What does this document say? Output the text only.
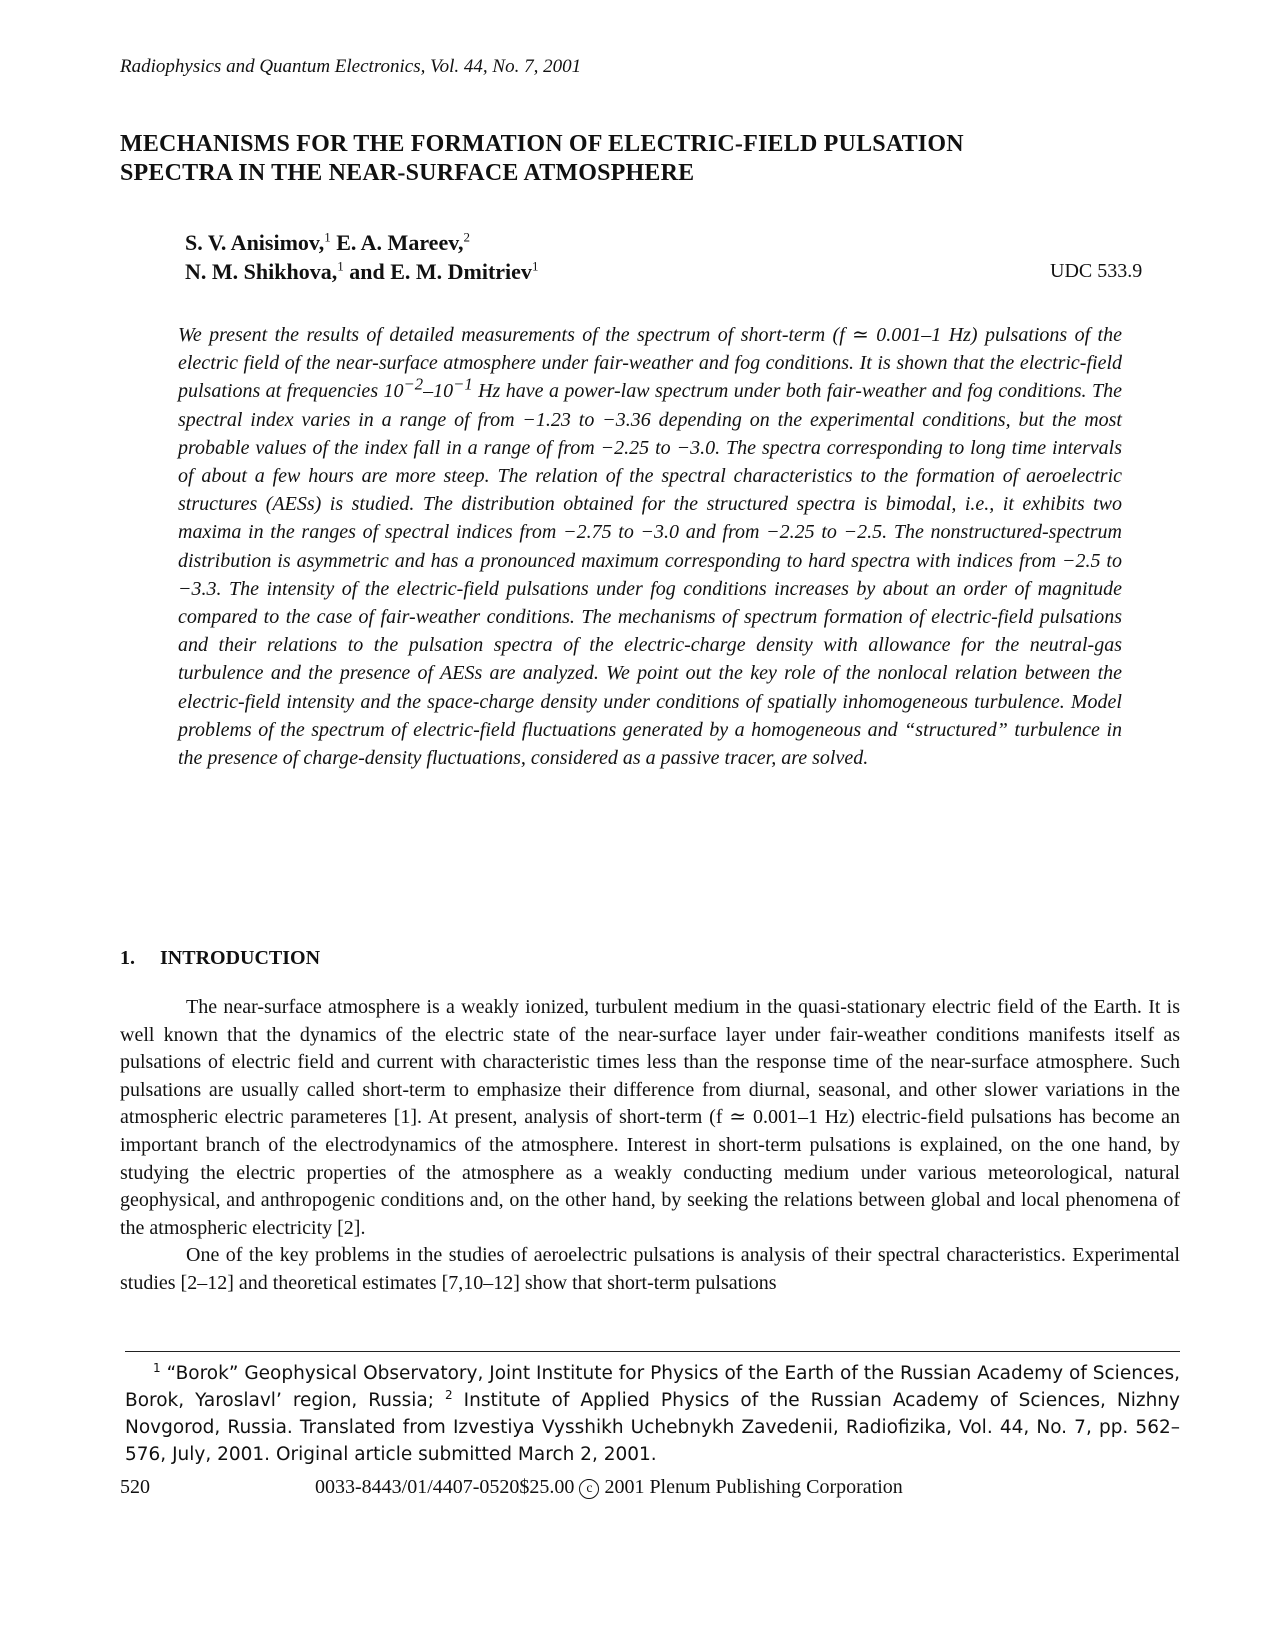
Radiophysics and Quantum Electronics, Vol. 44, No. 7, 2001
MECHANISMS FOR THE FORMATION OF ELECTRIC-FIELD PULSATION
SPECTRA IN THE NEAR-SURFACE ATMOSPHERE
S. V. Anisimov,$^1$ E. A. Mareev,$^2$
N. M. Shikhova,$^1$ and E. M. Dmitriev$^1$	UDC 533.9

We present the results of detailed measurements of the spectrum of short-term (f ≃ 0.001–1 Hz) pulsations of the electric field of the near-surface atmosphere under fair-weather and fog conditions. It is shown that the electric-field pulsations at frequencies $10^{-2}-10^{-1}$ Hz have a power-law spectrum under both fair-weather and fog conditions. The spectral index varies in a range of from −1.23 to −3.36 depending on the experimental conditions, but the most probable values of the index fall in a range of from −2.25 to −3.0. The spectra corresponding to long time intervals of about a few hours are more steep. The relation of the spectral characteristics to the formation of aeroelectric structures (AESs) is studied. The distribution obtained for the structured spectra is bimodal, i.e., it exhibits two maxima in the ranges of spectral indices from −2.75 to −3.0 and from −2.25 to −2.5. The nonstructured-spectrum distribution is asymmetric and has a pronounced maximum corresponding to hard spectra with indices from −2.5 to −3.3. The intensity of the electric-field pulsations under fog conditions increases by about an order of magnitude compared to the case of fair-weather conditions. The mechanisms of spectrum formation of electric-field pulsations and their relations to the pulsation spectra of the electric-charge density with allowance for the neutral-gas turbulence and the presence of AESs are analyzed. We point out the key role of the nonlocal relation between the electric-field intensity and the space-charge density under conditions of spatially inhomogeneous turbulence. Model problems of the spectrum of electric-field fluctuations generated by a homogeneous and “structured” turbulence in the presence of charge-density fluctuations, considered as a passive tracer, are solved.

1. INTRODUCTION

The near-surface atmosphere is a weakly ionized, turbulent medium in the quasi-stationary electric field of the Earth. It is well known that the dynamics of the electric state of the near-surface layer under fair-weather conditions manifests itself as pulsations of electric field and current with characteristic times less than the response time of the near-surface atmosphere. Such pulsations are usually called short-term to emphasize their difference from diurnal, seasonal, and other slower variations in the atmospheric electric parameteres [1]. At present, analysis of short-term (f ≃ 0.001–1 Hz) electric-field pulsations has become an important branch of the electrodynamics of the atmosphere. Interest in short-term pulsations is explained, on the one hand, by studying the electric properties of the atmosphere as a weakly conducting medium under various meteorological, natural geophysical, and anthropogenic conditions and, on the other hand, by seeking the relations between global and local phenomena of the atmospheric electricity [2].

One of the key problems in the studies of aeroelectric pulsations is analysis of their spectral characteristics. Experimental studies [2–12] and theoretical estimates [7,10–12] show that short-term pulsations

$^1$ “Borok” Geophysical Observatory, Joint Institute for Physics of the Earth of the Russian Academy of Sciences, Borok, Yaroslavl’ region, Russia; $^2$ Institute of Applied Physics of the Russian Academy of Sciences, Nizhny Novgorod, Russia. Translated from Izvestiya Vysshikh Uchebnykh Zavedenii, Radiofizika, Vol. 44, No. 7, pp. 562–576, July, 2001. Original article submitted March 2, 2001.
520	0033-8443/01/4407-0520$25.00 c 2001 Plenum Publishing Corporation
